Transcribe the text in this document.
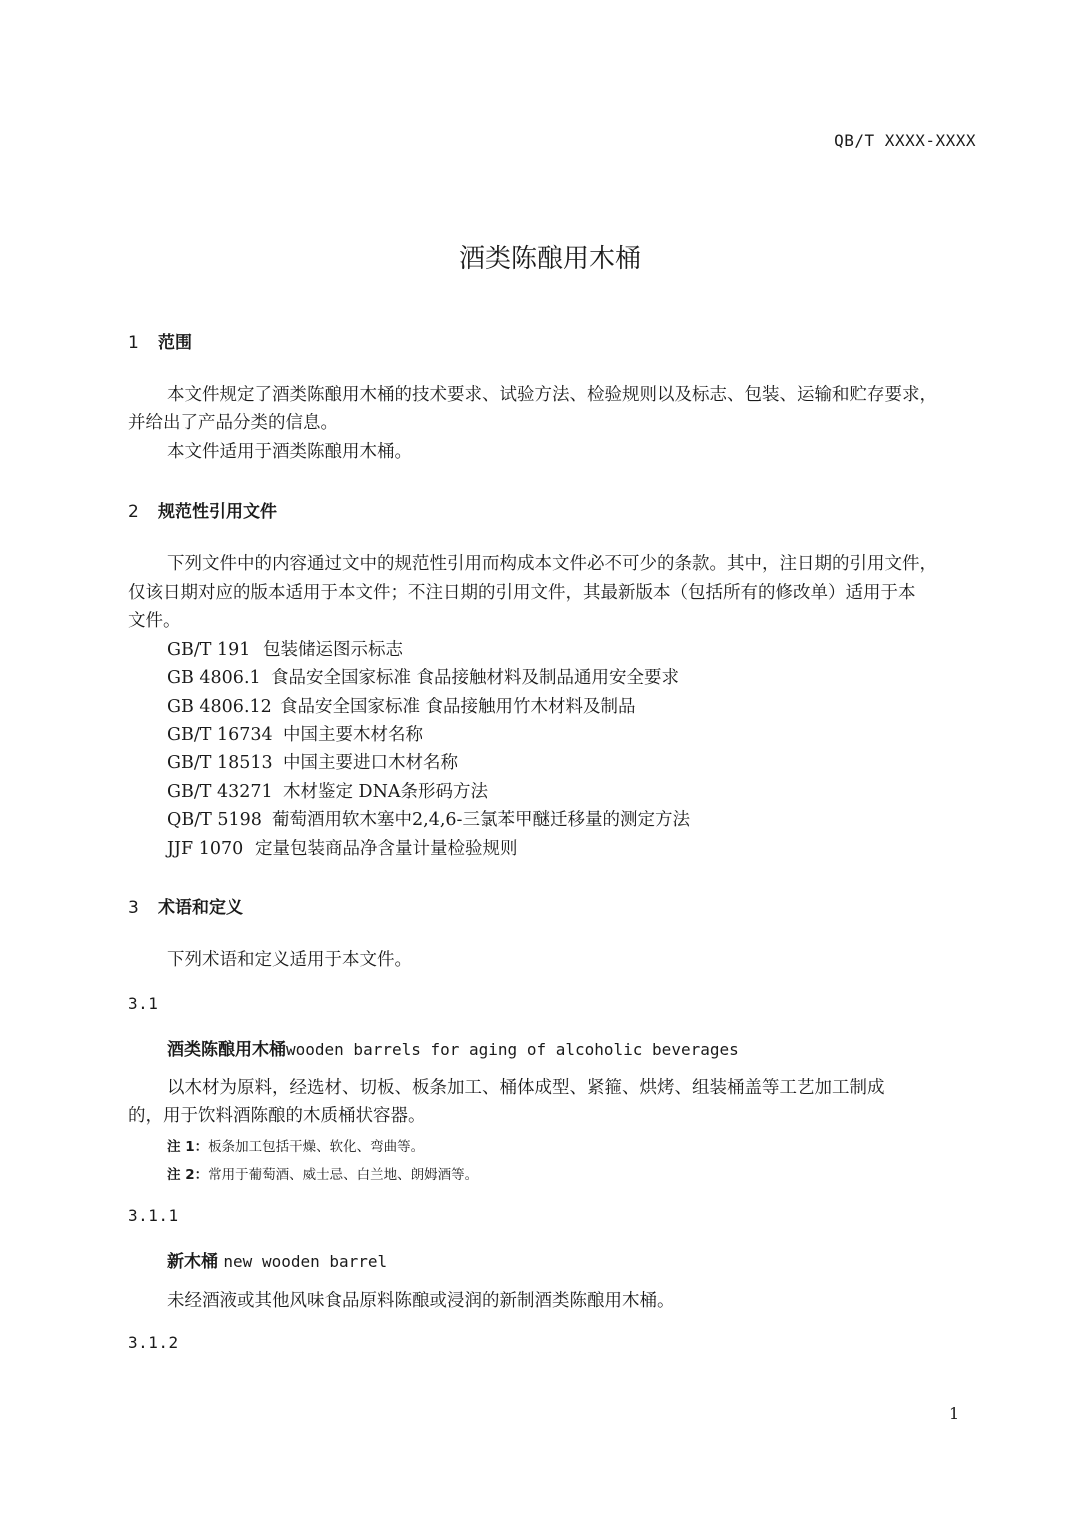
QB/T XXXX-XXXX
酒类陈酿用木桶
1 范围
本文件规定了酒类陈酿用木桶的技术要求、试验方法、检验规则以及标志、包装、运输和贮存要求，
并给出了产品分类的信息。
本文件适用于酒类陈酿用木桶。
2 规范性引用文件
下列文件中的内容通过文中的规范性引用而构成本文件必不可少的条款。其中，注日期的引用文件，
仅该日期对应的版本适用于本文件；不注日期的引用文件，其最新版本（包括所有的修改单）适用于本
文件。
GB/T 191 包装储运图示标志
GB 4806.1 食品安全国家标准 食品接触材料及制品通用安全要求
GB 4806.12 食品安全国家标准 食品接触用竹木材料及制品
GB/T 16734 中国主要木材名称
GB/T 18513 中国主要进口木材名称
GB/T 43271 木材鉴定 DNA条形码方法
QB/T 5198 葡萄酒用软木塞中2,4,6-三氯苯甲醚迁移量的测定方法
JJF 1070 定量包装商品净含量计量检验规则
3 术语和定义
下列术语和定义适用于本文件。
3.1
酒类陈酿用木桶wooden barrels for aging of alcoholic beverages
以木材为原料，经选材、切板、板条加工、桶体成型、紧箍、烘烤、组装桶盖等工艺加工制成
的，用于饮料酒陈酿的木质桶状容器。
注 1：板条加工包括干燥、软化、弯曲等。
注 2：常用于葡萄酒、威士忌、白兰地、朗姆酒等。
3.1.1
新木桶 new wooden barrel
未经酒液或其他风味食品原料陈酿或浸润的新制酒类陈酿用木桶。
3.1.2
1
